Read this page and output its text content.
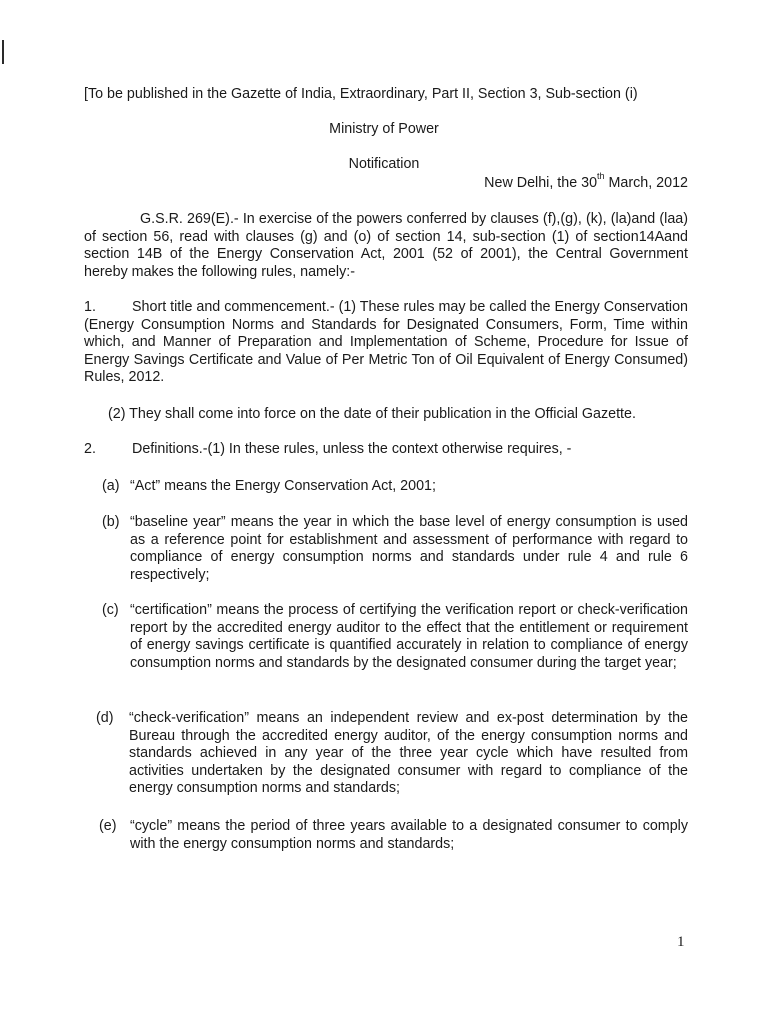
[To be published in the Gazette of India, Extraordinary, Part II, Section 3, Sub-section (i)
Ministry of Power
Notification
New Delhi, the 30th March, 2012
G.S.R. 269(E).- In exercise of the powers conferred by clauses (f),(g), (k), (la)and (laa) of section 56, read with clauses (g) and (o) of section 14, sub-section (1) of section14Aand section 14B of the Energy Conservation Act, 2001 (52 of 2001), the Central Government hereby makes the following rules, namely:-
1.	Short title and commencement.- (1) These rules may be called the Energy Conservation (Energy Consumption Norms and Standards for Designated Consumers, Form, Time within which, and Manner of Preparation and Implementation of Scheme, Procedure for Issue of Energy Savings Certificate and Value of Per Metric Ton of Oil Equivalent of Energy Consumed) Rules, 2012.
(2) They shall come into force on the date of their publication in the Official Gazette.
2.	Definitions.-(1) In these rules, unless the context otherwise requires, -
(a) “Act” means the Energy Conservation Act, 2001;
(b) “baseline year” means the year in which the base level of energy consumption is used as a reference point for establishment and assessment of performance with regard to compliance of energy consumption norms and standards under rule 4 and rule 6 respectively;
(c) “certification” means the process of certifying the verification report or check-verification report by the accredited energy auditor to the effect that the entitlement or requirement of energy savings certificate is quantified accurately in relation to compliance of energy consumption norms and standards by the designated consumer during the target year;
(d) “check-verification” means an independent review and ex-post determination by the Bureau through the accredited energy auditor, of the energy consumption norms and standards achieved in any year of the three year cycle which have resulted from activities undertaken by the designated consumer with regard to compliance of the energy consumption norms and standards;
(e) “cycle” means the period of three years available to a designated consumer to comply with the energy consumption norms and standards;
1
